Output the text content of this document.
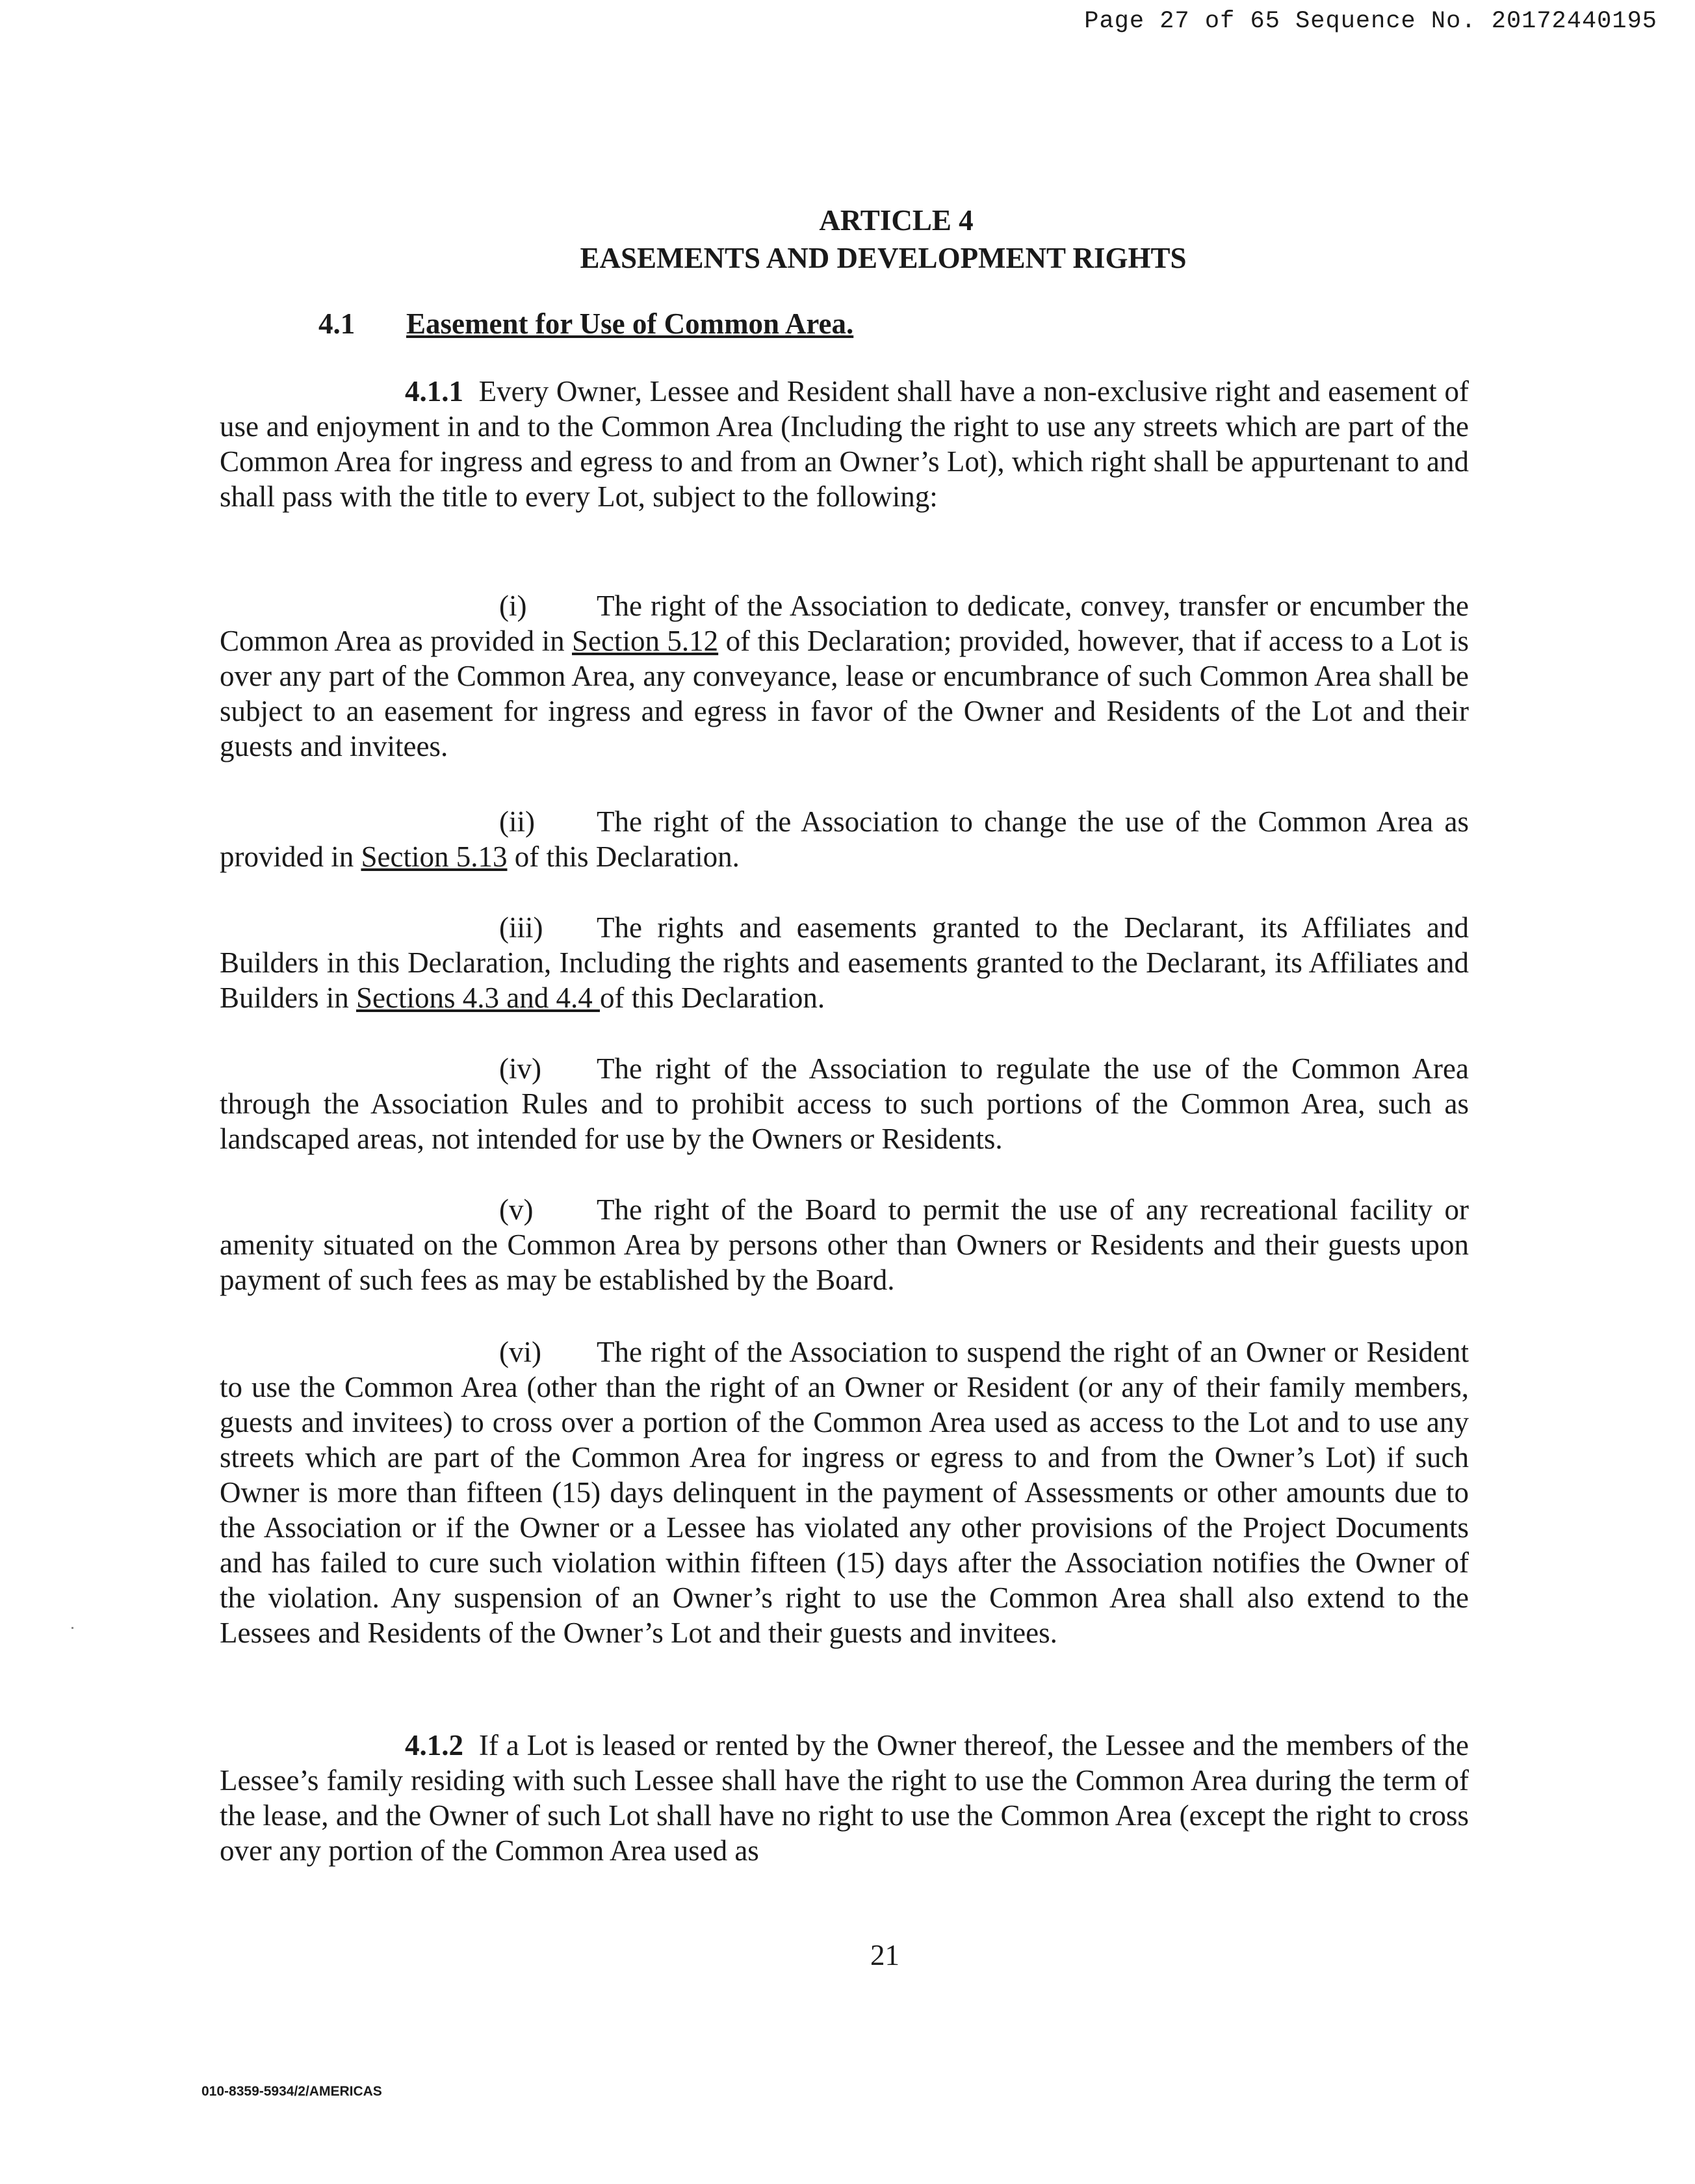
Page 27 of 65 Sequence No. 20172440195
ARTICLE 4
EASEMENTS AND DEVELOPMENT RIGHTS
4.1 Easement for Use of Common Area.

4.1.1 Every Owner, Lessee and Resident shall have a non-exclusive right and easement of use and enjoyment in and to the Common Area (Including the right to use any streets which are part of the Common Area for ingress and egress to and from an Owner’s Lot), which right shall be appurtenant to and shall pass with the title to every Lot, subject to the following:

(i) The right of the Association to dedicate, convey, transfer or encumber the Common Area as provided in Section 5.12 of this Declaration; provided, however, that if access to a Lot is over any part of the Common Area, any conveyance, lease or encumbrance of such Common Area shall be subject to an easement for ingress and egress in favor of the Owner and Residents of the Lot and their guests and invitees.

(ii) The right of the Association to change the use of the Common Area as provided in Section 5.13 of this Declaration.

(iii) The rights and easements granted to the Declarant, its Affiliates and Builders in this Declaration, Including the rights and easements granted to the Declarant, its Affiliates and Builders in Sections 4.3 and 4.4 of this Declaration.

(iv) The right of the Association to regulate the use of the Common Area through the Association Rules and to prohibit access to such portions of the Common Area, such as landscaped areas, not intended for use by the Owners or Residents.

(v) The right of the Board to permit the use of any recreational facility or amenity situated on the Common Area by persons other than Owners or Residents and their guests upon payment of such fees as may be established by the Board.

(vi) The right of the Association to suspend the right of an Owner or Resident to use the Common Area (other than the right of an Owner or Resident (or any of their family members, guests and invitees) to cross over a portion of the Common Area used as access to the Lot and to use any streets which are part of the Common Area for ingress or egress to and from the Owner’s Lot) if such Owner is more than fifteen (15) days delinquent in the payment of Assessments or other amounts due to the Association or if the Owner or a Lessee has violated any other provisions of the Project Documents and has failed to cure such violation within fifteen (15) days after the Association notifies the Owner of the violation. Any suspension of an Owner’s right to use the Common Area shall also extend to the Lessees and Residents of the Owner’s Lot and their guests and invitees.

4.1.2 If a Lot is leased or rented by the Owner thereof, the Lessee and the members of the Lessee’s family residing with such Lessee shall have the right to use the Common Area during the term of the lease, and the Owner of such Lot shall have no right to use the Common Area (except the right to cross over any portion of the Common Area used as

21
010-8359-5934/2/AMERICAS
